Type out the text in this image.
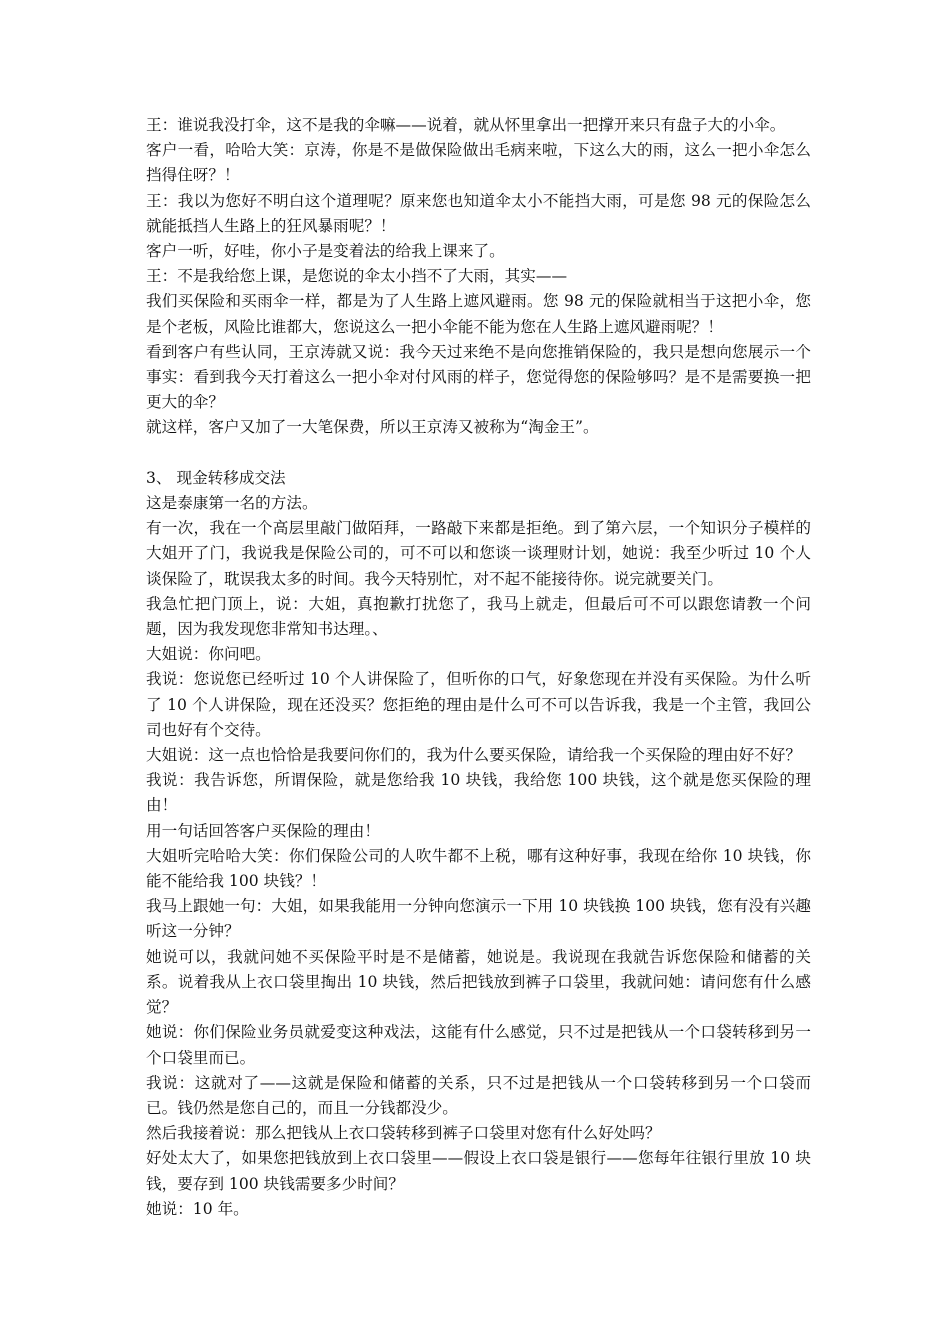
王：谁说我没打伞，这不是我的伞嘛——说着，就从怀里拿出一把撑开来只有盘子大的小伞。

客户一看，哈哈大笑：京涛，你是不是做保险做出毛病来啦，下这么大的雨，这么一把小伞怎么挡得住呀？！

王：我以为您好不明白这个道理呢？原来您也知道伞太小不能挡大雨，可是您 98 元的保险怎么就能抵挡人生路上的狂风暴雨呢？！

客户一听，好哇，你小子是变着法的给我上课来了。

王：不是我给您上课，是您说的伞太小挡不了大雨，其实——

我们买保险和买雨伞一样，都是为了人生路上遮风避雨。您 98 元的保险就相当于这把小伞，您是个老板，风险比谁都大，您说这么一把小伞能不能为您在人生路上遮风避雨呢？！

看到客户有些认同，王京涛就又说：我今天过来绝不是向您推销保险的，我只是想向您展示一个事实：看到我今天打着这么一把小伞对付风雨的样子，您觉得您的保险够吗？是不是需要换一把更大的伞？

就这样，客户又加了一大笔保费，所以王京涛又被称为“淘金王”。

3、 现金转移成交法

这是泰康第一名的方法。

有一次，我在一个高层里敲门做陌拜，一路敲下来都是拒绝。到了第六层，一个知识分子模样的大姐开了门，我说我是保险公司的，可不可以和您谈一谈理财计划，她说：我至少听过 10 个人谈保险了，耽误我太多的时间。我今天特别忙，对不起不能接待你。说完就要关门。

我急忙把门顶上，说：大姐，真抱歉打扰您了，我马上就走，但最后可不可以跟您请教一个问题，因为我发现您非常知书达理。、

大姐说：你问吧。

我说：您说您已经听过 10 个人讲保险了，但听你的口气，好象您现在并没有买保险。为什么听了 10 个人讲保险，现在还没买？您拒绝的理由是什么可不可以告诉我，我是一个主管，我回公司也好有个交待。

大姐说：这一点也恰恰是我要问你们的，我为什么要买保险，请给我一个买保险的理由好不好？

我说：我告诉您，所谓保险，就是您给我 10 块钱，我给您 100 块钱，这个就是您买保险的理由！

用一句话回答客户买保险的理由！

大姐听完哈哈大笑：你们保险公司的人吹牛都不上税，哪有这种好事，我现在给你 10 块钱，你能不能给我 100 块钱？！

我马上跟她一句：大姐，如果我能用一分钟向您演示一下用 10 块钱换 100 块钱，您有没有兴趣听这一分钟？

她说可以，我就问她不买保险平时是不是储蓄，她说是。我说现在我就告诉您保险和储蓄的关系。说着我从上衣口袋里掏出 10 块钱，然后把钱放到裤子口袋里，我就问她：请问您有什么感觉？

她说：你们保险业务员就爱变这种戏法，这能有什么感觉，只不过是把钱从一个口袋转移到另一个口袋里而已。

我说：这就对了——这就是保险和储蓄的关系，只不过是把钱从一个口袋转移到另一个口袋而已。钱仍然是您自己的，而且一分钱都没少。

然后我接着说：那么把钱从上衣口袋转移到裤子口袋里对您有什么好处吗？

好处太大了，如果您把钱放到上衣口袋里——假设上衣口袋是银行——您每年往银行里放 10 块钱，要存到 100 块钱需要多少时间？

她说：10 年。
